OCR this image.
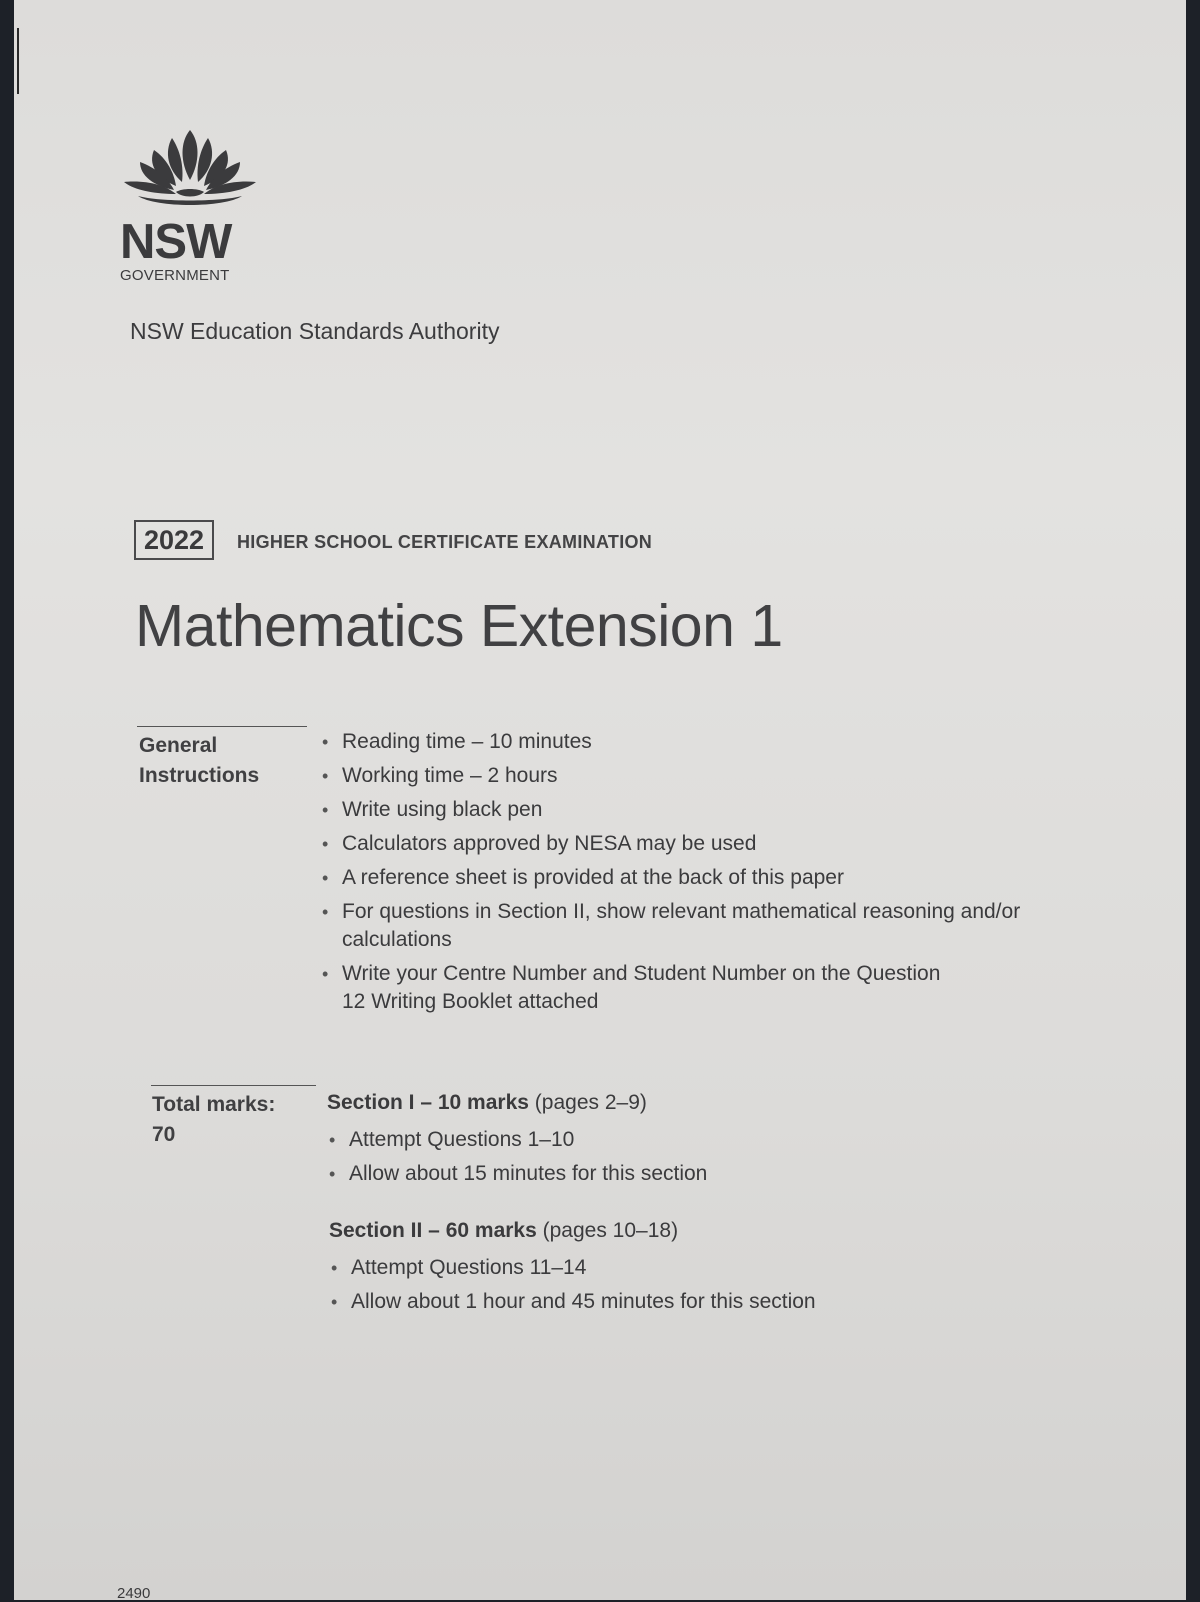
NSW
GOVERNMENT
NSW Education Standards Authority
2022	HIGHER SCHOOL CERTIFICATE EXAMINATION
Mathematics Extension 1
General
Instructions
• Reading time – 10 minutes
• Working time – 2 hours
• Write using black pen
• Calculators approved by NESA may be used
• A reference sheet is provided at the back of this paper
• For questions in Section II, show relevant mathematical reasoning and/or calculations
• Write your Centre Number and Student Number on the Question 12 Writing Booklet attached
Total marks:
70
Section I – 10 marks (pages 2–9)
• Attempt Questions 1–10
• Allow about 15 minutes for this section
Section II – 60 marks (pages 10–18)
• Attempt Questions 11–14
• Allow about 1 hour and 45 minutes for this section
2490
